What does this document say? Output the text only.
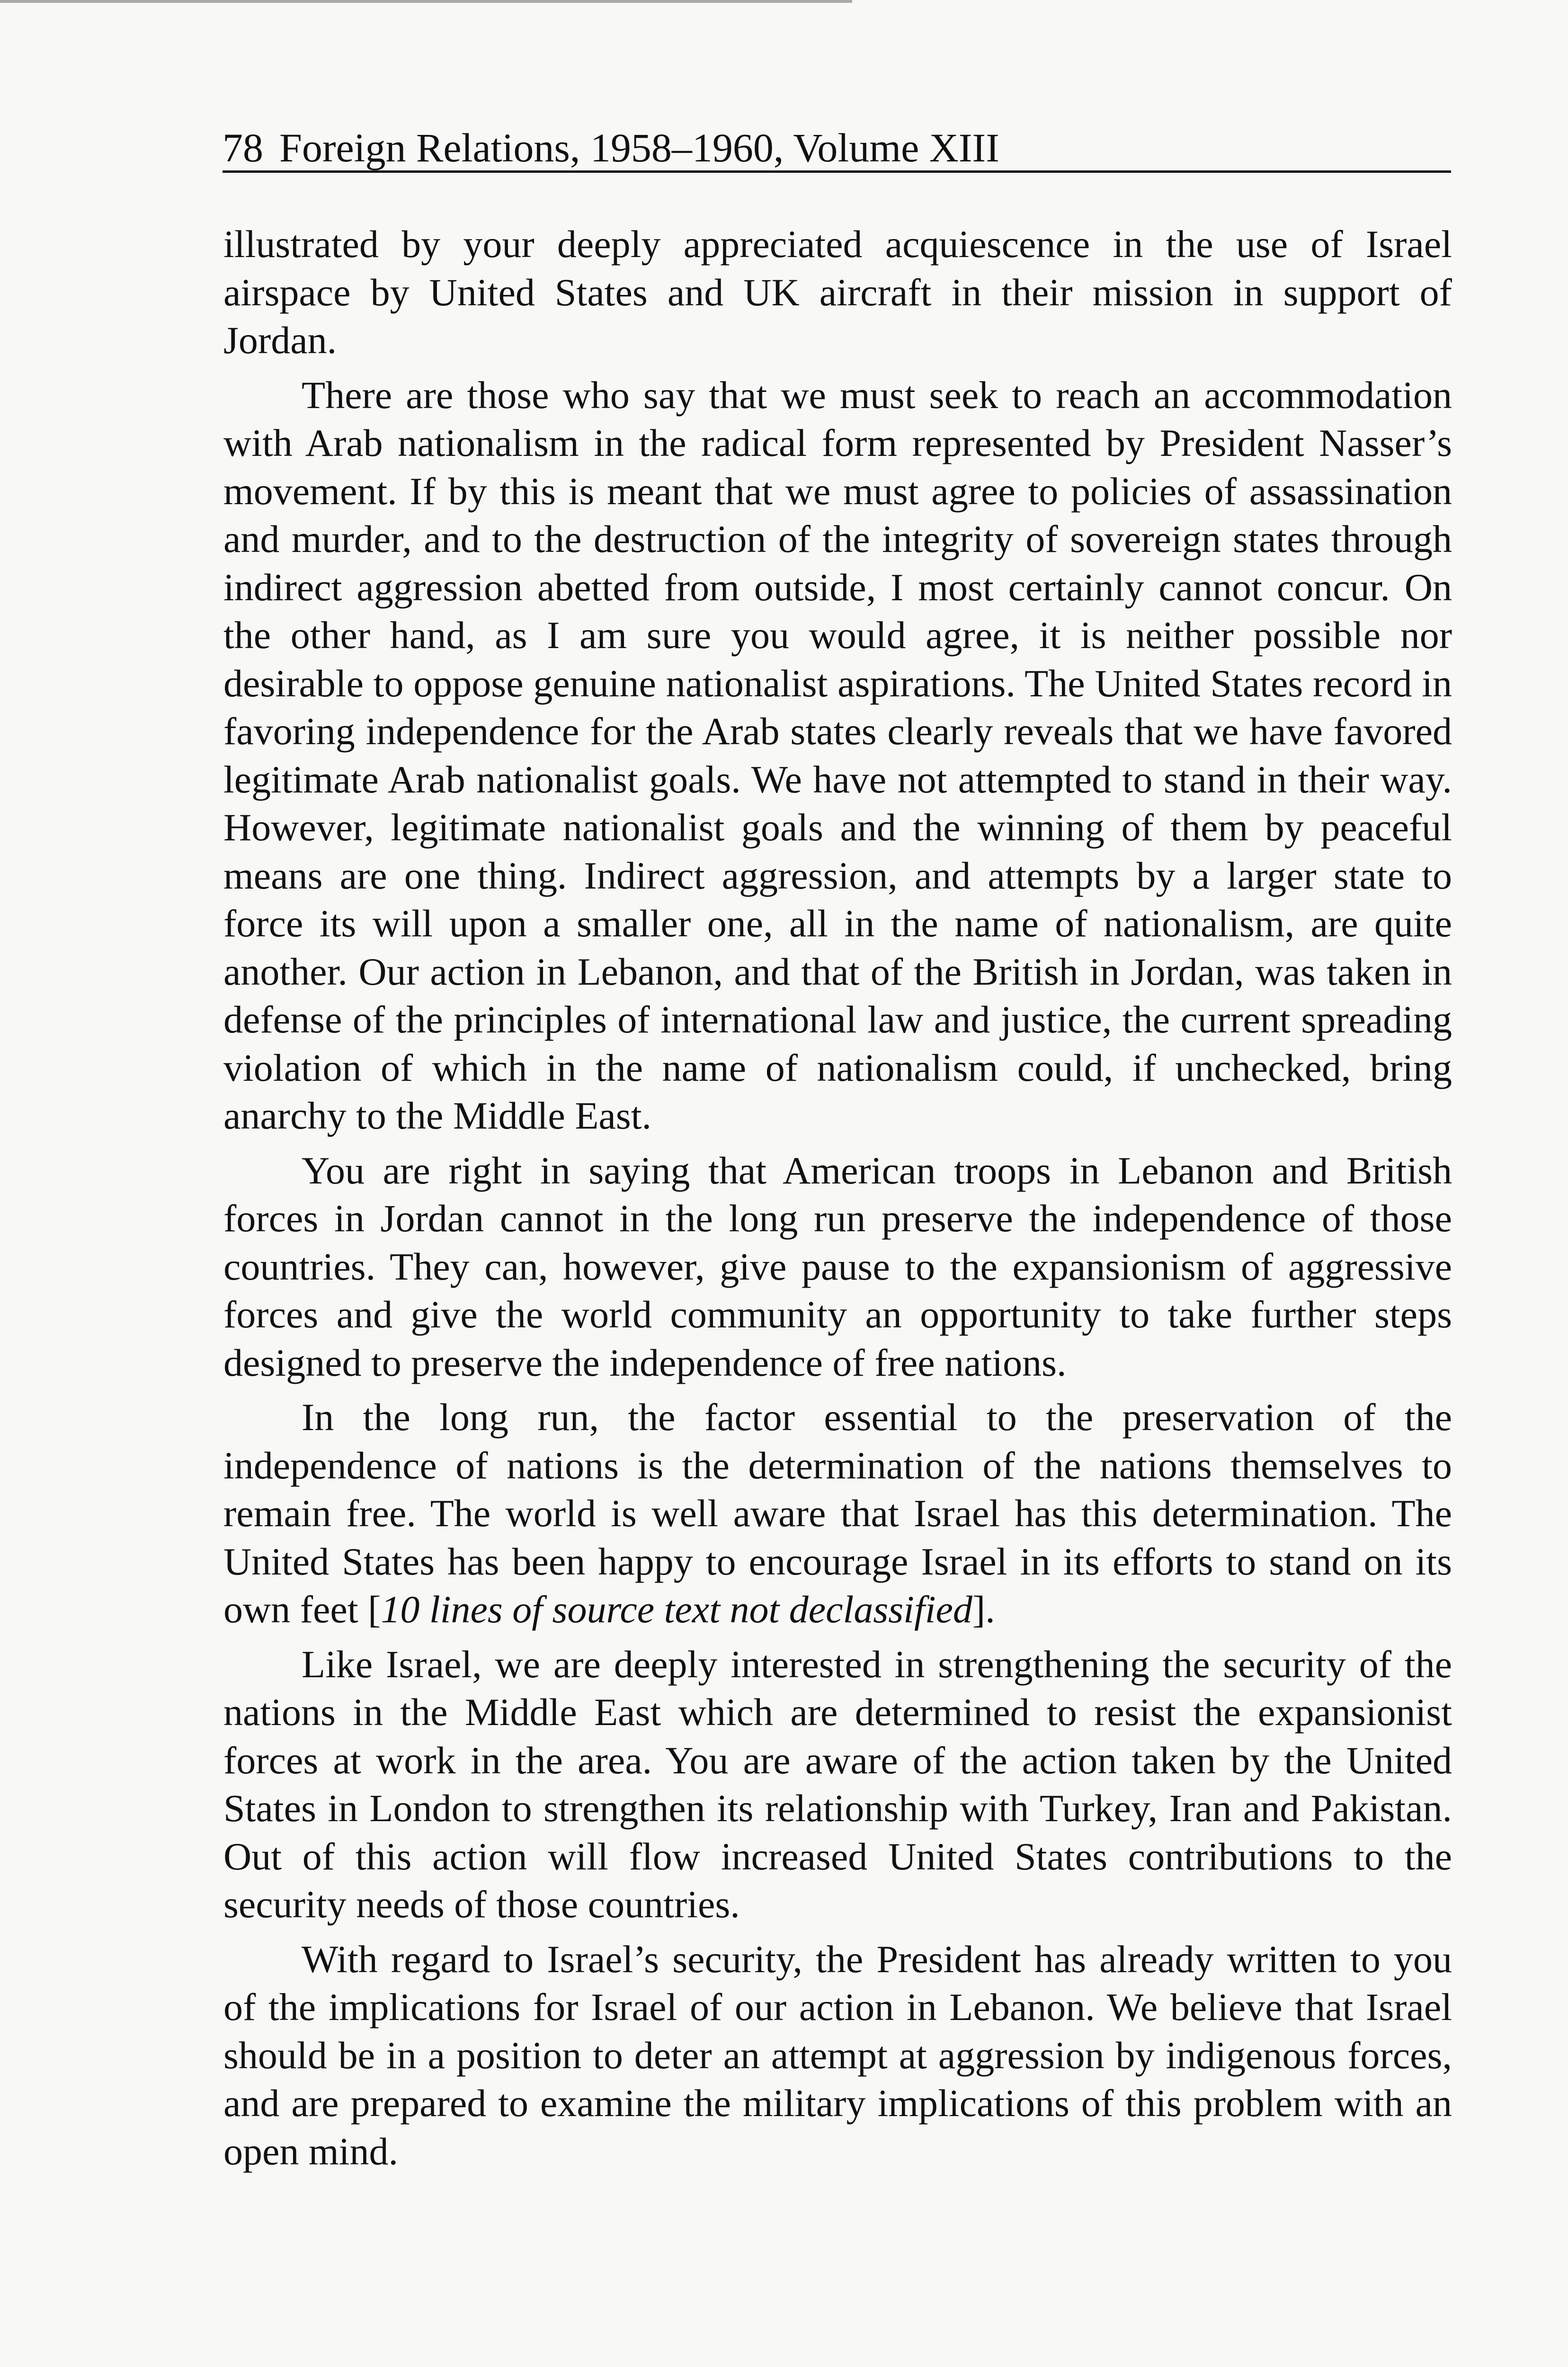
78 Foreign Relations, 1958–1960, Volume XIII

illustrated by your deeply appreciated acquiescence in the use of Israel airspace by United States and UK aircraft in their mission in support of Jordan.

There are those who say that we must seek to reach an accommodation with Arab nationalism in the radical form represented by President Nasser’s movement. If by this is meant that we must agree to policies of assassination and murder, and to the destruction of the integrity of sovereign states through indirect aggression abetted from outside, I most certainly cannot concur. On the other hand, as I am sure you would agree, it is neither possible nor desirable to oppose genuine nationalist aspirations. The United States record in favoring independence for the Arab states clearly reveals that we have favored legitimate Arab nationalist goals. We have not attempted to stand in their way. However, legitimate nationalist goals and the winning of them by peaceful means are one thing. Indirect aggression, and attempts by a larger state to force its will upon a smaller one, all in the name of nationalism, are quite another. Our action in Lebanon, and that of the British in Jordan, was taken in defense of the principles of international law and justice, the current spreading violation of which in the name of nationalism could, if unchecked, bring anarchy to the Middle East.

You are right in saying that American troops in Lebanon and British forces in Jordan cannot in the long run preserve the independence of those countries. They can, however, give pause to the expansionism of aggressive forces and give the world community an opportunity to take further steps designed to preserve the independence of free nations.

In the long run, the factor essential to the preservation of the independence of nations is the determination of the nations themselves to remain free. The world is well aware that Israel has this determination. The United States has been happy to encourage Israel in its efforts to stand on its own feet [10 lines of source text not declassified].

Like Israel, we are deeply interested in strengthening the security of the nations in the Middle East which are determined to resist the expansionist forces at work in the area. You are aware of the action taken by the United States in London to strengthen its relationship with Turkey, Iran and Pakistan. Out of this action will flow increased United States contributions to the security needs of those countries.

With regard to Israel’s security, the President has already written to you of the implications for Israel of our action in Lebanon. We believe that Israel should be in a position to deter an attempt at aggression by indigenous forces, and are prepared to examine the military implications of this problem with an open mind.
